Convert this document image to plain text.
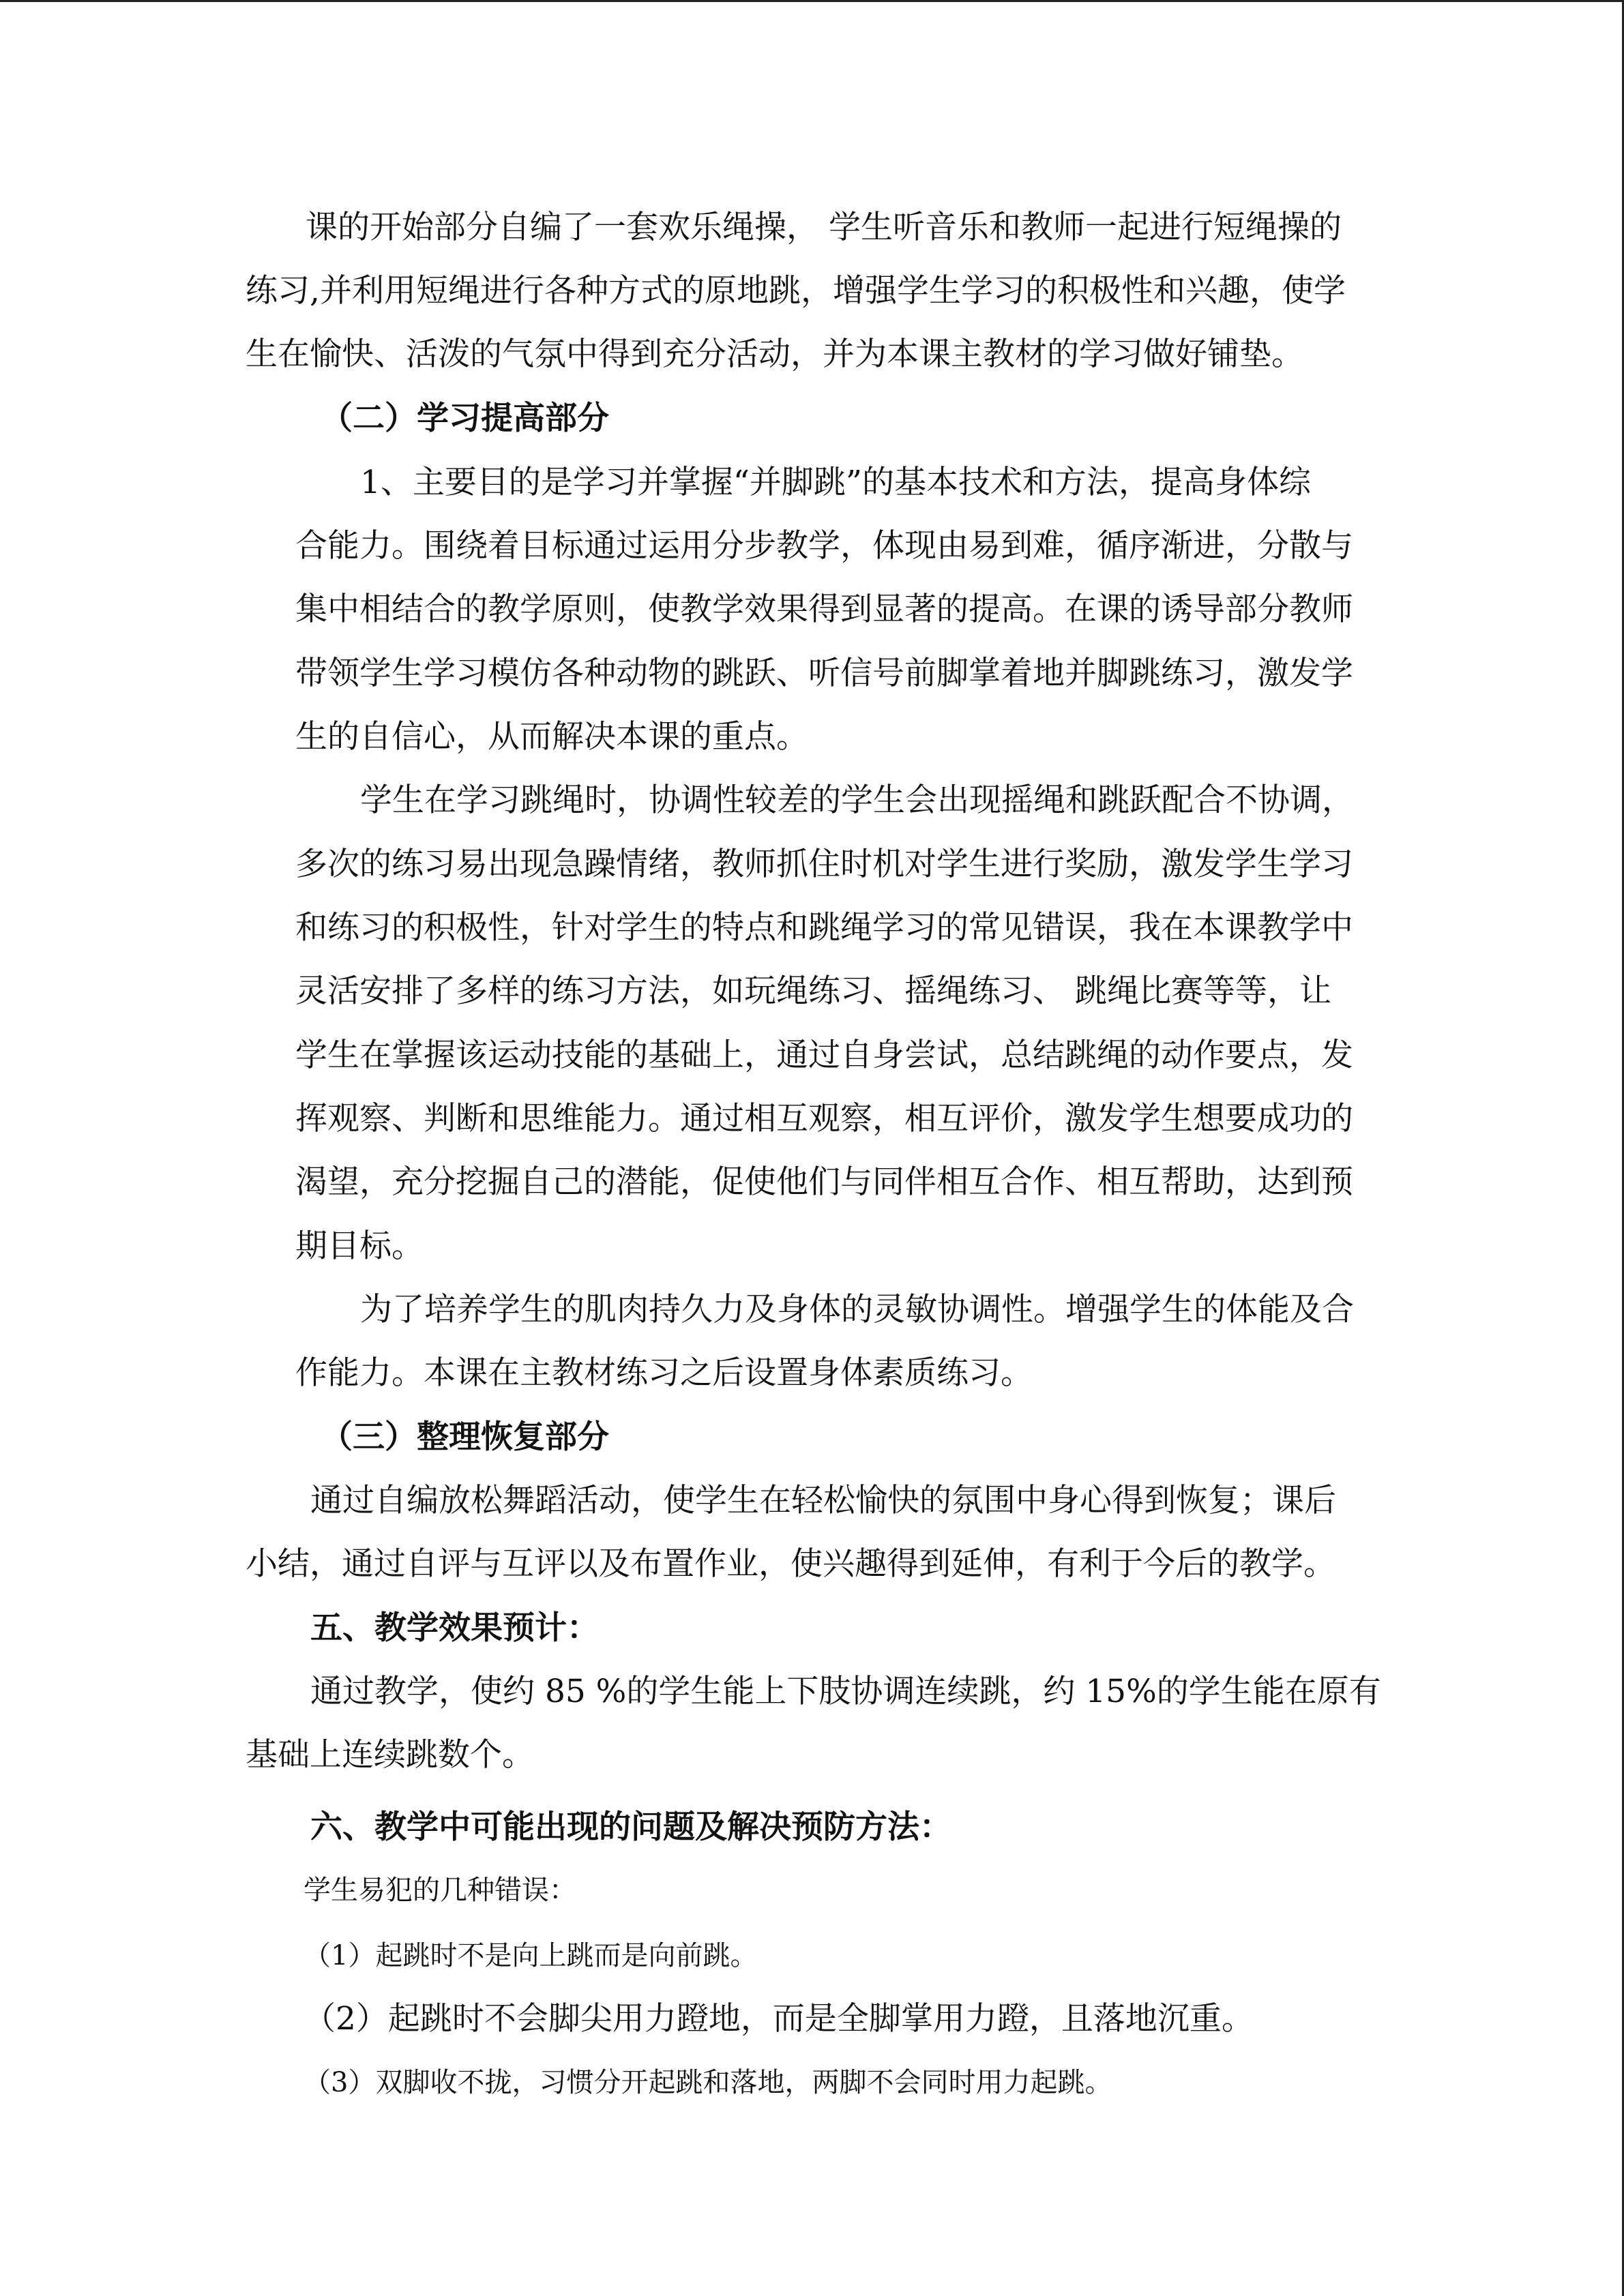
课的开始部分自编了一套欢乐绳操， 学生听音乐和教师一起进行短绳操的

练习,并利用短绳进行各种方式的原地跳，增强学生学习的积极性和兴趣，使学

生在愉快、活泼的气氛中得到充分活动，并为本课主教材的学习做好铺垫。

（二）学习提高部分

1、主要目的是学习并掌握“并脚跳”的基本技术和方法，提高身体综

合能力。围绕着目标通过运用分步教学，体现由易到难，循序渐进，分散与

集中相结合的教学原则，使教学效果得到显著的提高。在课的诱导部分教师

带领学生学习模仿各种动物的跳跃、听信号前脚掌着地并脚跳练习，激发学

生的自信心，从而解决本课的重点。

学生在学习跳绳时，协调性较差的学生会出现摇绳和跳跃配合不协调，

多次的练习易出现急躁情绪，教师抓住时机对学生进行奖励，激发学生学习

和练习的积极性，针对学生的特点和跳绳学习的常见错误，我在本课教学中

灵活安排了多样的练习方法，如玩绳练习、摇绳练习、 跳绳比赛等等，让

学生在掌握该运动技能的基础上，通过自身尝试，总结跳绳的动作要点，发

挥观察、判断和思维能力。通过相互观察，相互评价，激发学生想要成功的

渴望，充分挖掘自己的潜能，促使他们与同伴相互合作、相互帮助，达到预

期目标。

为了培养学生的肌肉持久力及身体的灵敏协调性。增强学生的体能及合

作能力。本课在主教材练习之后设置身体素质练习。

（三）整理恢复部分

通过自编放松舞蹈活动，使学生在轻松愉快的氛围中身心得到恢复；课后

小结，通过自评与互评以及布置作业，使兴趣得到延伸，有利于今后的教学。

五、教学效果预计：

通过教学，使约 85 %的学生能上下肢协调连续跳，约 15%的学生能在原有

基础上连续跳数个。

六、教学中可能出现的问题及解决预防方法：

学生易犯的几种错误：

（1）起跳时不是向上跳而是向前跳。

（2）起跳时不会脚尖用力蹬地，而是全脚掌用力蹬，且落地沉重。

（3）双脚收不拢，习惯分开起跳和落地，两脚不会同时用力起跳。
